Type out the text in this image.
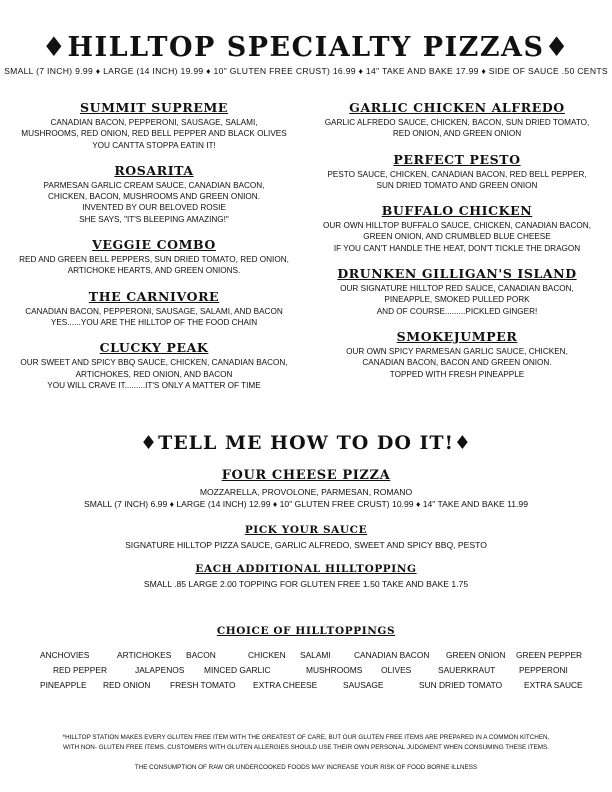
♦HILLTOP SPECIALTY PIZZAS♦
SMALL (7 INCH) 9.99 ♦ LARGE (14 INCH) 19.99 ♦ 10" GLUTEN FREE CRUST) 16.99 ♦ 14" TAKE AND BAKE 17.99 ♦ SIDE OF SAUCE .50 CENTS
SUMMIT SUPREME
CANADIAN BACON, PEPPERONI, SAUSAGE, SALAMI,
MUSHROOMS, RED ONION, RED BELL PEPPER AND BLACK OLIVES
YOU CANTTA STOPPA EATIN IT!
ROSARITA
PARMESAN GARLIC CREAM SAUCE, CANADIAN BACON,
CHICKEN, BACON, MUSHROOMS AND GREEN ONION.
INVENTED BY OUR BELOVED ROSIE
SHE SAYS, "IT'S BLEEPING AMAZING!"
VEGGIE COMBO
RED AND GREEN BELL PEPPERS, SUN DRIED TOMATO, RED ONION,
ARTICHOKE HEARTS, AND GREEN ONIONS.
THE CARNIVORE
CANADIAN BACON, PEPPERONI, SAUSAGE, SALAMI, AND BACON
YES......YOU ARE THE HILLTOP OF THE FOOD CHAIN
CLUCKY PEAK
OUR SWEET AND SPICY BBQ SAUCE, CHICKEN, CANADIAN BACON,
ARTICHOKES, RED ONION, AND BACON
YOU WILL CRAVE IT.........IT'S ONLY A MATTER OF TIME
GARLIC CHICKEN ALFREDO
GARLIC ALFREDO SAUCE, CHICKEN, BACON, SUN DRIED TOMATO,
RED ONION, AND GREEN ONION
PERFECT PESTO
PESTO SAUCE, CHICKEN, CANADIAN BACON, RED BELL PEPPER,
SUN DRIED TOMATO AND GREEN ONION
BUFFALO CHICKEN
OUR OWN HILLTOP BUFFALO SAUCE, CHICKEN, CANADIAN BACON,
GREEN ONION, AND CRUMBLED BLUE CHEESE
IF YOU CAN'T HANDLE THE HEAT, DON'T TICKLE THE DRAGON
DRUNKEN GILLIGAN'S ISLAND
OUR SIGNATURE HILLTOP RED SAUCE, CANADIAN BACON,
PINEAPPLE, SMOKED PULLED PORK
AND OF COURSE.........PICKLED GINGER!
SMOKEJUMPER
OUR OWN SPICY PARMESAN GARLIC SAUCE, CHICKEN,
CANADIAN BACON, BACON AND GREEN ONION.
TOPPED WITH FRESH PINEAPPLE
♦TELL ME HOW TO DO IT!♦
FOUR CHEESE PIZZA
MOZZARELLA, PROVOLONE, PARMESAN, ROMANO
SMALL (7 INCH) 6.99 ♦ LARGE (14 INCH) 12.99 ♦ 10" GLUTEN FREE CRUST) 10.99 ♦ 14" TAKE AND BAKE 11.99
PICK YOUR SAUCE
SIGNATURE HILLTOP PIZZA SAUCE, GARLIC ALFREDO, SWEET AND SPICY BBQ, PESTO
EACH ADDITIONAL HILLTOPPING
SMALL .85 LARGE 2.00 TOPPING FOR GLUTEN FREE 1.50 TAKE AND BAKE 1.75
CHOICE OF HILLTOPPINGS
ANCHOVIES	ARTICHOKES BACON	CHICKEN SALAMI	CANADIAN BACON GREEN ONION GREEN PEPPER
RED PEPPER	JALAPENOS MINCED GARLIC	MUSHROOMS OLIVES	SAUERKRAUT	PEPPERONI
PINEAPPLE RED ONION FRESH TOMATO EXTRA CHEESE	SAUSAGE	SUN DRIED TOMATO	EXTRA SAUCE
*HILLTOP STATION MAKES EVERY GLUTEN FREE ITEM WITH THE GREATEST OF CARE, BUT OUR GLUTEN FREE ITEMS ARE PREPARED IN A COMMON KITCHEN,
WITH NON- GLUTEN FREE ITEMS. CUSTOMERS WITH GLUTEN ALLERGIES SHOULD USE THEIR OWN PERSONAL JUDGMENT WHEN CONSUMING THESE ITEMS.
THE CONSUMPTION OF RAW OR UNDERCOOKED FOODS MAY INCREASE YOUR RISK OF FOOD BORNE ILLNESS
